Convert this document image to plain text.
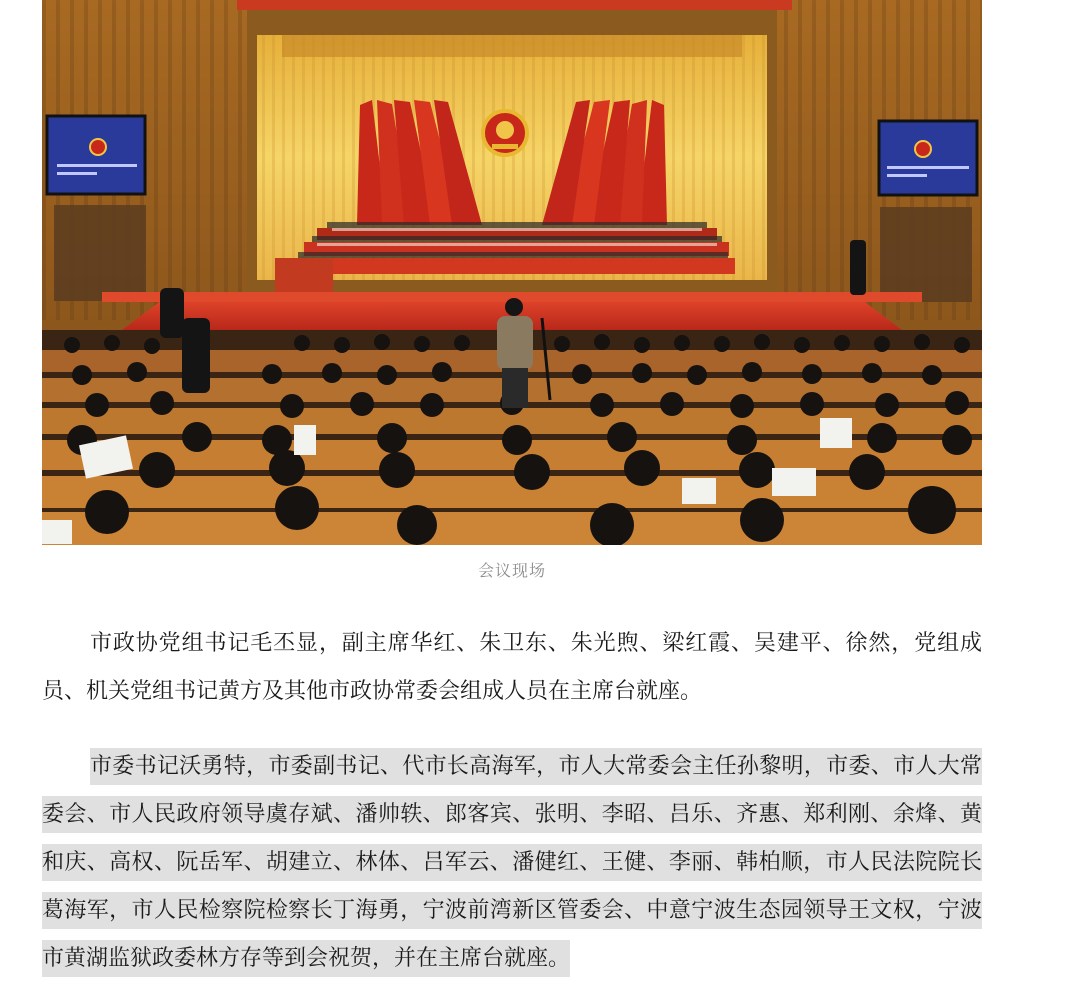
会议现场

市政协党组书记毛丕显，副主席华红、朱卫东、朱光煦、梁红霞、吴建平、徐然，党组成员、机关党组书记黄方及其他市政协常委会组成人员在主席台就座。

市委书记沃勇特，市委副书记、代市长高海军，市人大常委会主任孙黎明，市委、市人大常委会、市人民政府领导虞存斌、潘帅轶、郎客宾、张明、李昭、吕乐、齐惠、郑利刚、余烽、黄和庆、高权、阮岳军、胡建立、林体、吕军云、潘健红、王健、李丽、韩柏顺，市人民法院院长葛海军，市人民检察院检察长丁海勇，宁波前湾新区管委会、中意宁波生态园领导王文权，宁波市黄湖监狱政委林方存等到会祝贺，并在主席台就座。
